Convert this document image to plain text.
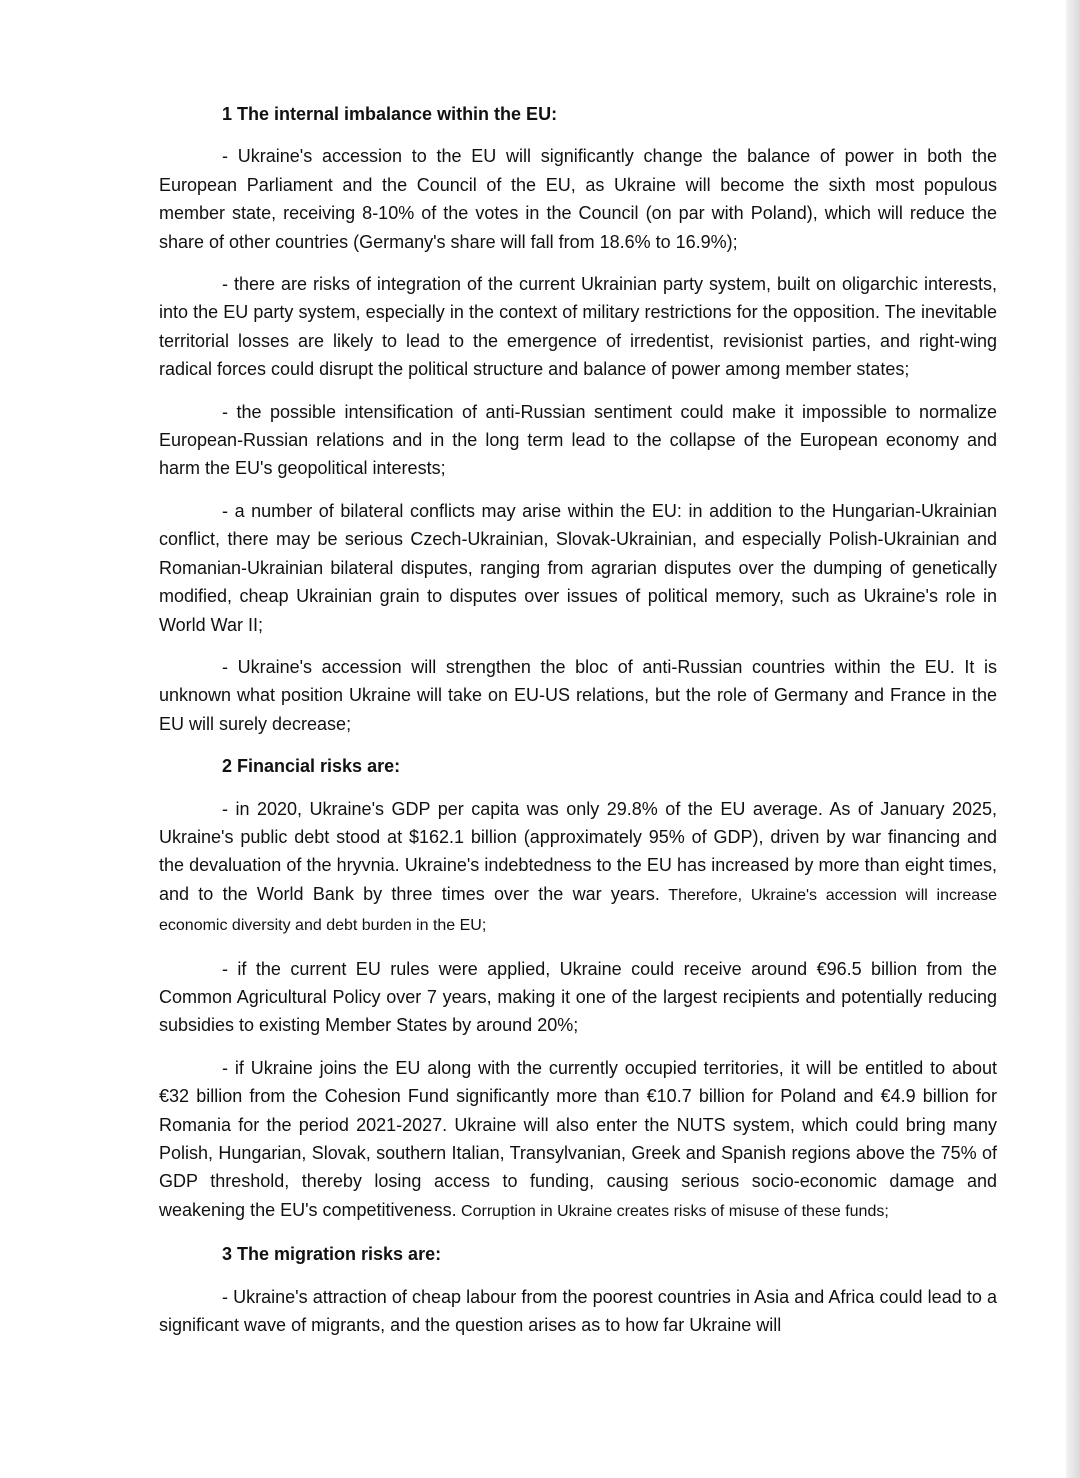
1 The internal imbalance within the EU:

- Ukraine's accession to the EU will significantly change the balance of power in both the European Parliament and the Council of the EU, as Ukraine will become the sixth most populous member state, receiving 8-10% of the votes in the Council (on par with Poland), which will reduce the share of other countries (Germany's share will fall from 18.6% to 16.9%);

- there are risks of integration of the current Ukrainian party system, built on oligarchic interests, into the EU party system, especially in the context of military restrictions for the opposition. The inevitable territorial losses are likely to lead to the emergence of irredentist, revisionist parties, and right-wing radical forces could disrupt the political structure and balance of power among member states;

- the possible intensification of anti-Russian sentiment could make it impossible to normalize European-Russian relations and in the long term lead to the collapse of the European economy and harm the EU's geopolitical interests;

- a number of bilateral conflicts may arise within the EU: in addition to the Hungarian-Ukrainian conflict, there may be serious Czech-Ukrainian, Slovak-Ukrainian, and especially Polish-Ukrainian and Romanian-Ukrainian bilateral disputes, ranging from agrarian disputes over the dumping of genetically modified, cheap Ukrainian grain to disputes over issues of political memory, such as Ukraine's role in World War II;

- Ukraine's accession will strengthen the bloc of anti-Russian countries within the EU. It is unknown what position Ukraine will take on EU-US relations, but the role of Germany and France in the EU will surely decrease;

2 Financial risks are:

- in 2020, Ukraine's GDP per capita was only 29.8% of the EU average. As of January 2025, Ukraine's public debt stood at $162.1 billion (approximately 95% of GDP), driven by war financing and the devaluation of the hryvnia. Ukraine's indebtedness to the EU has increased by more than eight times, and to the World Bank by three times over the war years. Therefore, Ukraine's accession will increase economic diversity and debt burden in the EU;

- if the current EU rules were applied, Ukraine could receive around €96.5 billion from the Common Agricultural Policy over 7 years, making it one of the largest recipients and potentially reducing subsidies to existing Member States by around 20%;

- if Ukraine joins the EU along with the currently occupied territories, it will be entitled to about €32 billion from the Cohesion Fund significantly more than €10.7 billion for Poland and €4.9 billion for Romania for the period 2021-2027. Ukraine will also enter the NUTS system, which could bring many Polish, Hungarian, Slovak, southern Italian, Transylvanian, Greek and Spanish regions above the 75% of GDP threshold, thereby losing access to funding, causing serious socio-economic damage and weakening the EU's competitiveness. Corruption in Ukraine creates risks of misuse of these funds;

3 The migration risks are:

- Ukraine's attraction of cheap labour from the poorest countries in Asia and Africa could lead to a significant wave of migrants, and the question arises as to how far Ukraine will
